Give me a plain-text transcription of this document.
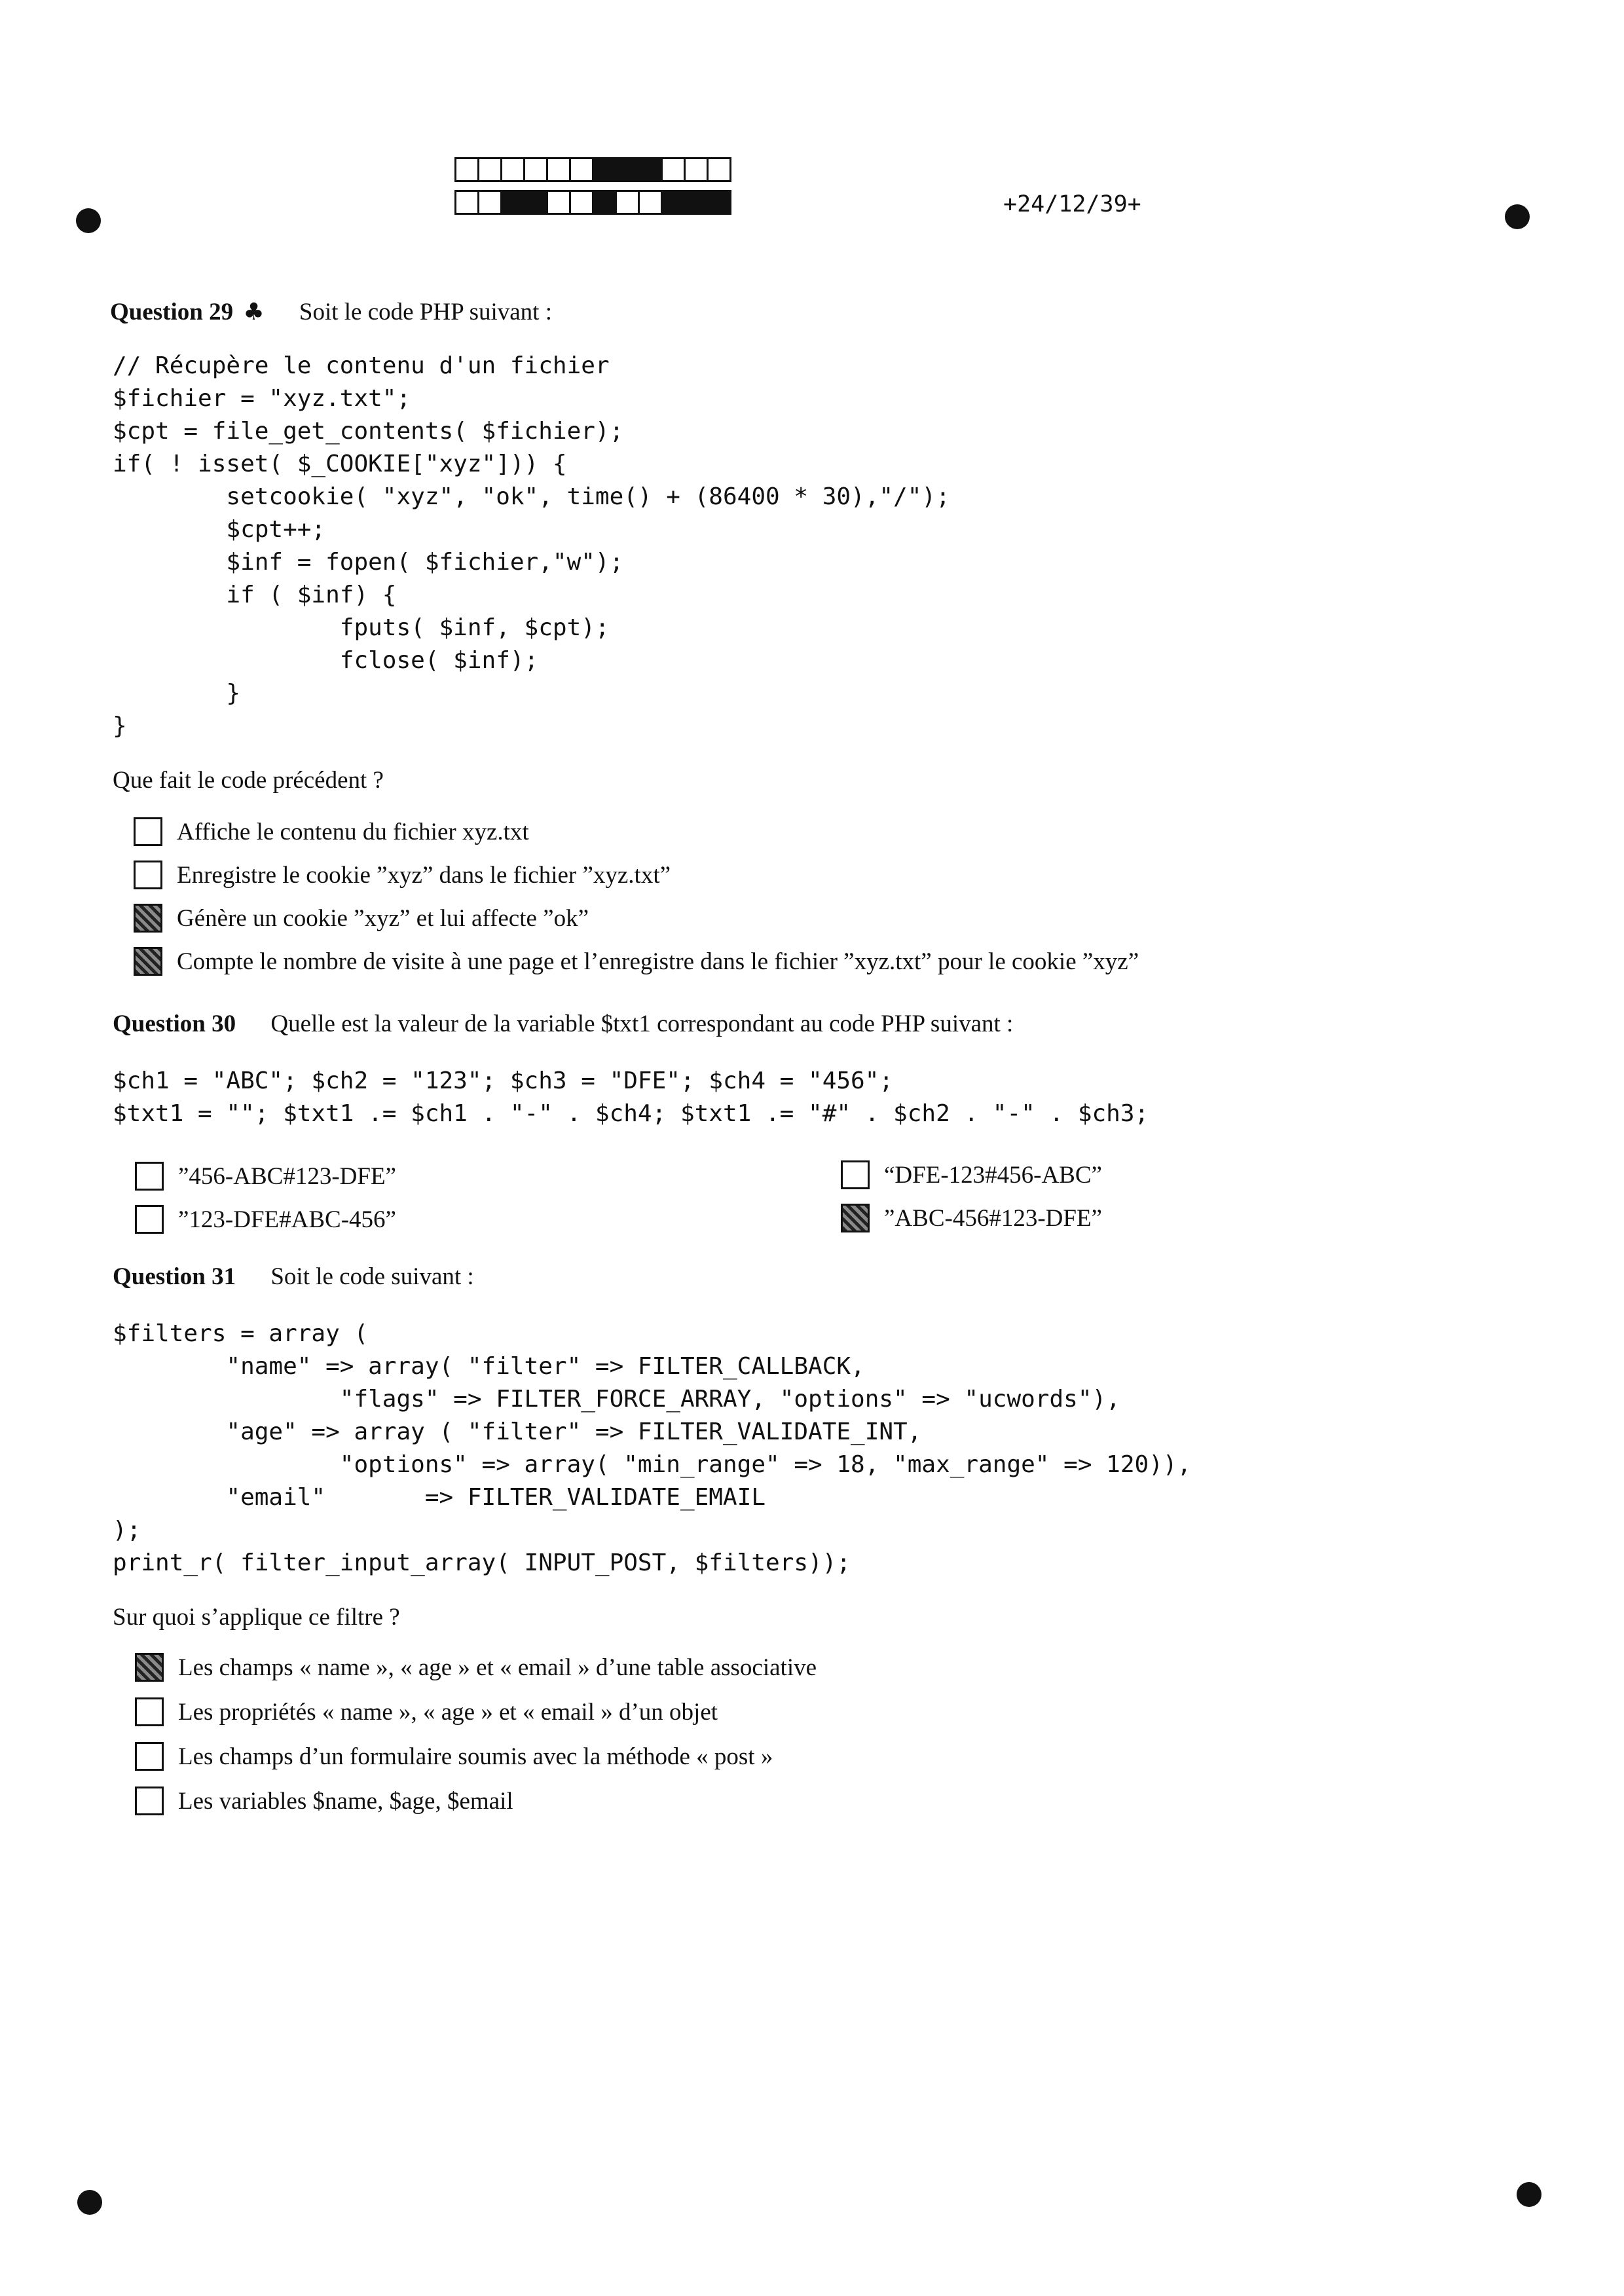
+24/12/39+
Question 29 ♣ Soit le code PHP suivant :
// Récupère le contenu d'un fichier
$fichier = "xyz.txt";
$cpt = file_get_contents( $fichier);
if( ! isset( $_COOKIE["xyz"])) {
setcookie( "xyz", "ok", time() + (86400 * 30),"/");
$cpt++;
$inf = fopen( $fichier,"w");
if ( $inf) {
fputs( $inf, $cpt);
fclose( $inf);
}
}
Que fait le code précédent ?
Affiche le contenu du fichier xyz.txt
Enregistre le cookie ”xyz” dans le fichier ”xyz.txt”
Génère un cookie ”xyz” et lui affecte ”ok”
Compte le nombre de visite à une page et l’enregistre dans le fichier ”xyz.txt” pour le cookie ”xyz”
Question 30 Quelle est la valeur de la variable $txt1 correspondant au code PHP suivant :
$ch1 = "ABC"; $ch2 = "123"; $ch3 = "DFE"; $ch4 = "456";
$txt1 = ""; $txt1 .= $ch1 . "-" . $ch4; $txt1 .= "#" . $ch2 . "-" . $ch3;
”456-ABC#123-DFE”	“DFE-123#456-ABC”
”123-DFE#ABC-456”	”ABC-456#123-DFE”
Question 31 Soit le code suivant :
$filters = array (
"name" => array( "filter" => FILTER_CALLBACK,
"flags" => FILTER_FORCE_ARRAY, "options" => "ucwords"),
"age" => array ( "filter" => FILTER_VALIDATE_INT,
"options" => array( "min_range" => 18, "max_range" => 120)),
"email"       => FILTER_VALIDATE_EMAIL
);
print_r( filter_input_array( INPUT_POST, $filters));
Sur quoi s’applique ce filtre ?
Les champs « name », « age » et « email » d’une table associative
Les propriétés « name », « age » et « email » d’un objet
Les champs d’un formulaire soumis avec la méthode « post »
Les variables $name, $age, $email
